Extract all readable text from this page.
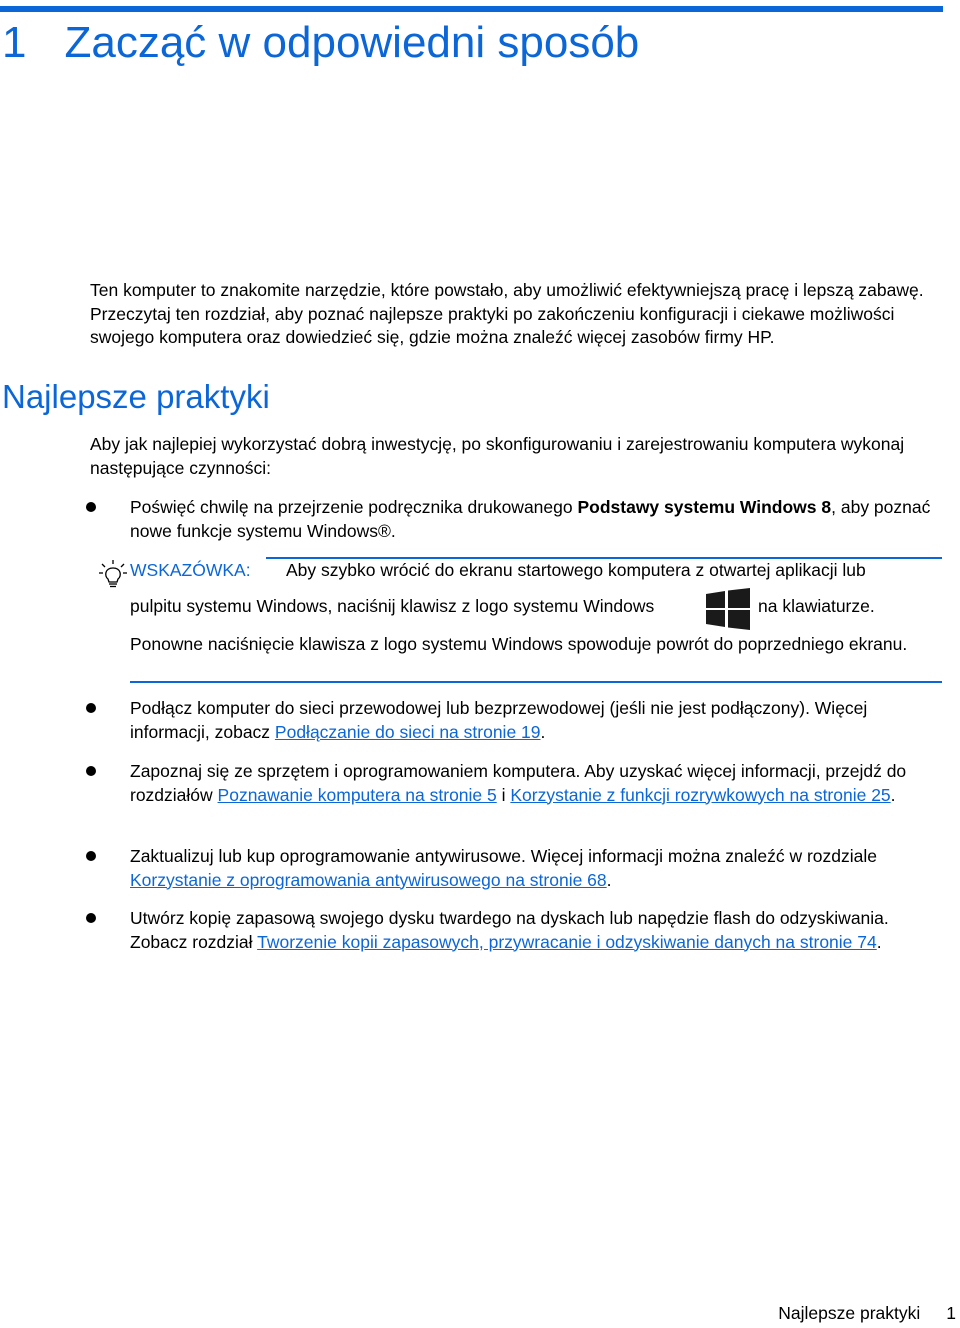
1 Zacząć w odpowiedni sposób

Ten komputer to znakomite narzędzie, które powstało, aby umożliwić efektywniejszą pracę i lepszą zabawę. Przeczytaj ten rozdział, aby poznać najlepsze praktyki po zakończeniu konfiguracji i ciekawe możliwości swojego komputera oraz dowiedzieć się, gdzie można znaleźć więcej zasobów firmy HP.

Najlepsze praktyki

Aby jak najlepiej wykorzystać dobrą inwestycję, po skonfigurowaniu i zarejestrowaniu komputera wykonaj następujące czynności:

Poświęć chwilę na przejrzenie podręcznika drukowanego Podstawy systemu Windows 8, aby poznać nowe funkcje systemu Windows®.

WSKAZÓWKA: Aby szybko wrócić do ekranu startowego komputera z otwartej aplikacji lub
pulpitu systemu Windows, naciśnij klawisz z logo systemu Windows	na klawiaturze.

Ponowne naciśnięcie klawisza z logo systemu Windows spowoduje powrót do poprzedniego ekranu.

Podłącz komputer do sieci przewodowej lub bezprzewodowej (jeśli nie jest podłączony). Więcej informacji, zobacz Podłączanie do sieci na stronie 19.

Zapoznaj się ze sprzętem i oprogramowaniem komputera. Aby uzyskać więcej informacji, przejdź do rozdziałów Poznawanie komputera na stronie 5 i Korzystanie z funkcji rozrywkowych na stronie 25.

Zaktualizuj lub kup oprogramowanie antywirusowe. Więcej informacji można znaleźć w rozdziale Korzystanie z oprogramowania antywirusowego na stronie 68.

Utwórz kopię zapasową swojego dysku twardego na dyskach lub napędzie flash do odzyskiwania. Zobacz rozdział Tworzenie kopii zapasowych, przywracanie i odzyskiwanie danych na stronie 74.

Najlepsze praktyki 1
